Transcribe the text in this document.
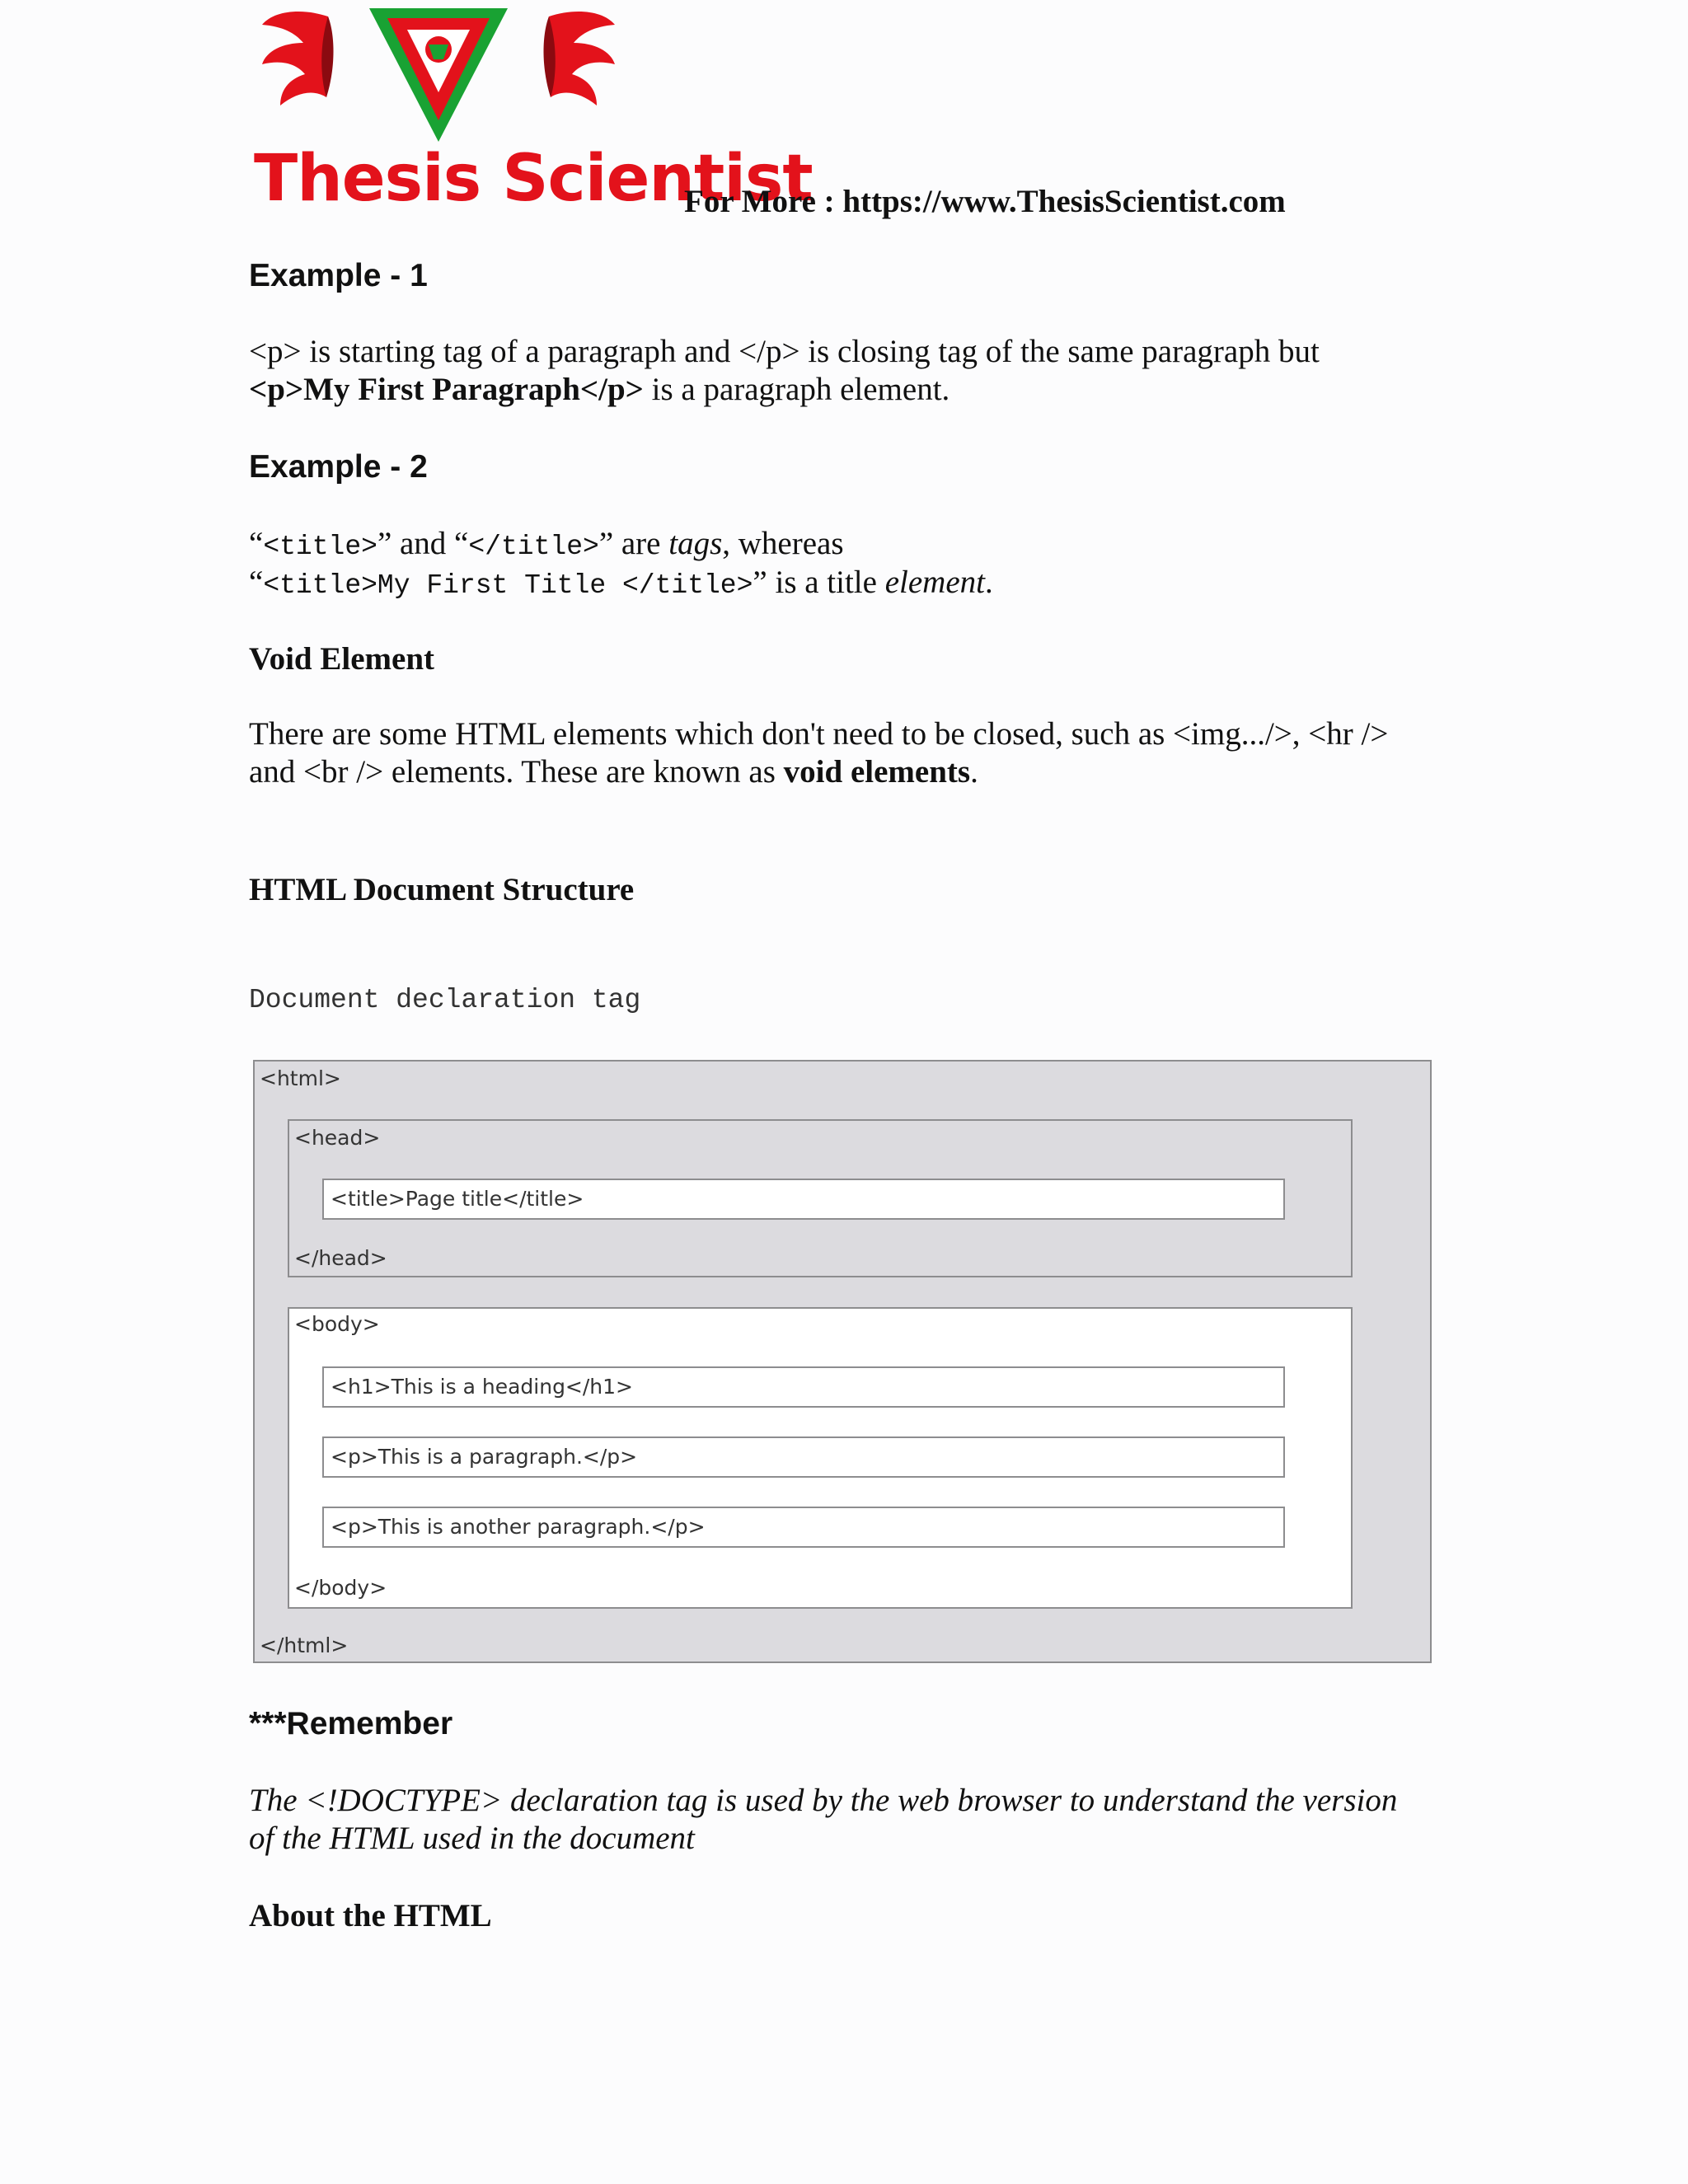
Thesis Scientist
For More : https://www.ThesisScientist.com
Example - 1
<p> is starting tag of a paragraph and </p> is closing tag of the same paragraph but
<p>My First Paragraph</p> is a paragraph element.
Example - 2
“<title>” and “</title>” are tags, whereas
“<title>My First Title </title>” is a title element.
Void Element
There are some HTML elements which don't need to be closed, such as <img.../>, <hr />
and <br /> elements. These are known as void elements.
HTML Document Structure
Document declaration tag
<html>
<head>
<title>Page title</title>
</head>
<body>
<h1>This is a heading</h1>
<p>This is a paragraph.</p>
<p>This is another paragraph.</p>
</body>
</html>
***Remember
The <!DOCTYPE> declaration tag is used by the web browser to understand the version
of the HTML used in the document
About the HTML
